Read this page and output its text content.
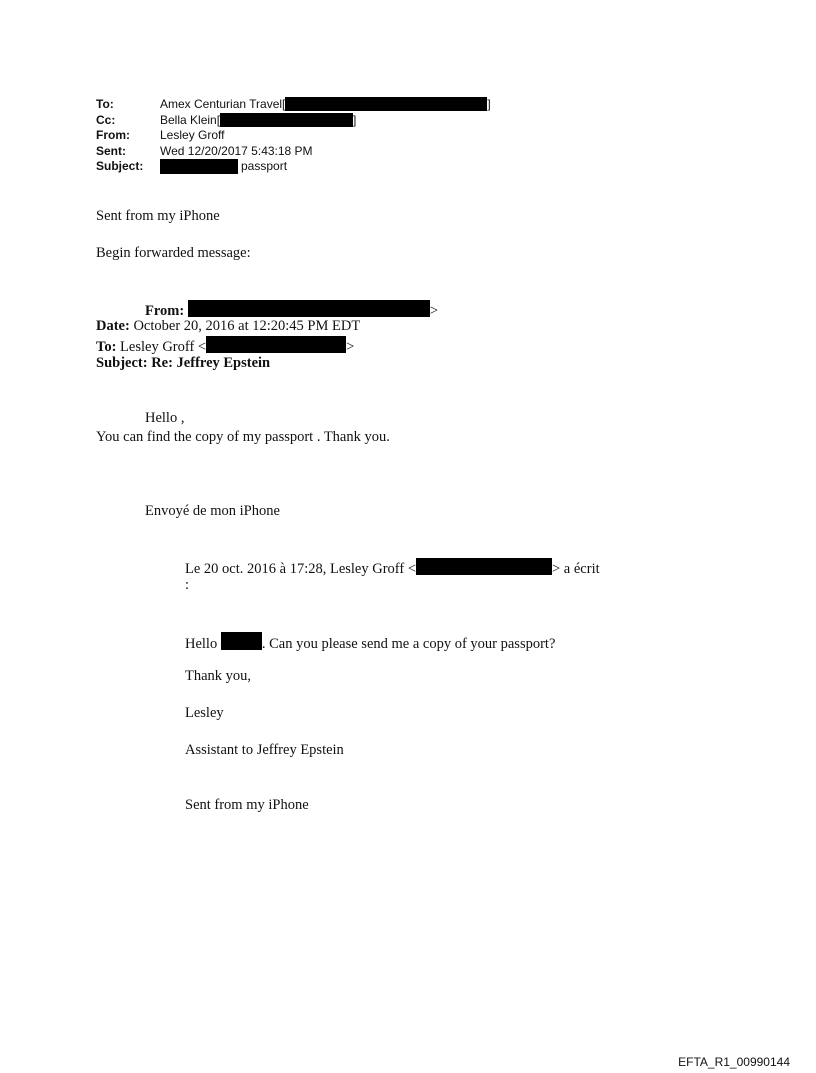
To:	Amex Centurian Travel[	]
Cc:	Bella Klein[	]
From:	Lesley Groff
Sent:	Wed 12/20/2017 5:43:18 PM
Subject:	passport
Sent from my iPhone
Begin forwarded message:
From:	>
Date: October 20, 2016 at 12:20:45 PM EDT
To: Lesley Groff <	>
Subject: Re: Jeffrey Epstein
Hello ,
You can find the copy of my passport . Thank you.
Envoyé de mon iPhone
Le 20 oct. 2016 à 17:28, Lesley Groff <	> a écrit
:
Hello	. Can you please send me a copy of your passport?
Thank you,
Lesley
Assistant to Jeffrey Epstein
Sent from my iPhone
EFTA_R1_00990144
